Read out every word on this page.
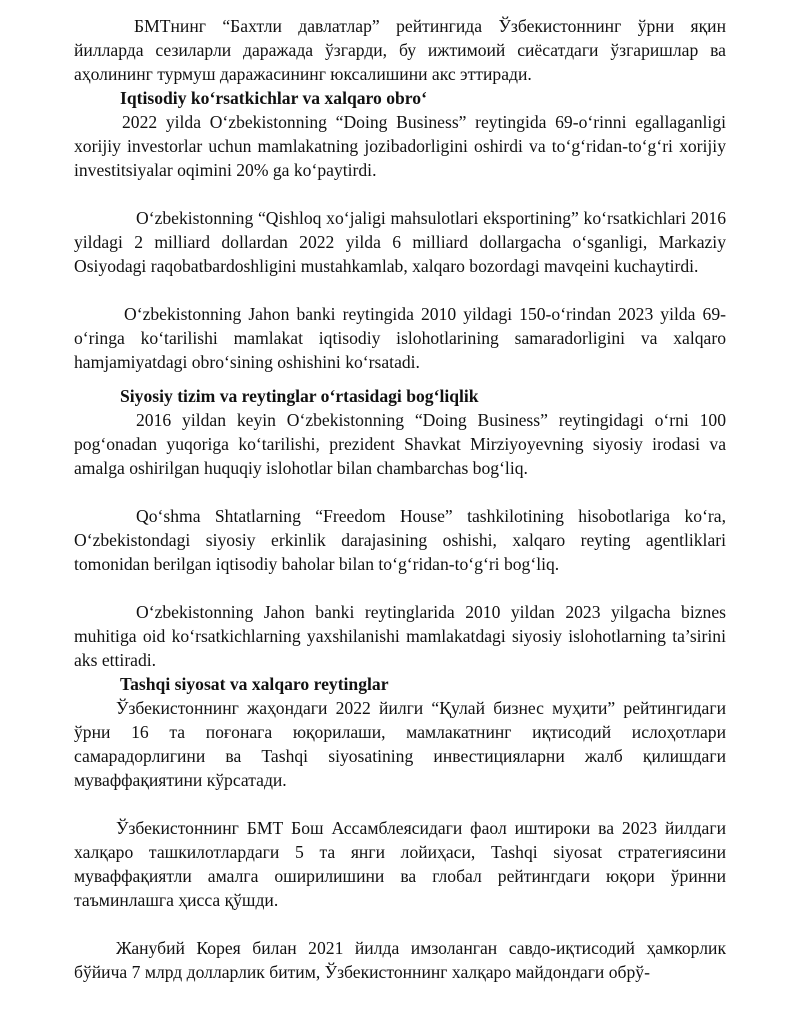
БМТнинг “Бахтли давлатлар” рейтингида Ўзбекистоннинг ўрни яқин йилларда сезиларли даражада ўзгарди, бу ижтимоий сиёсатдаги ўзгаришлар ва аҳолининг турмуш даражасининг юксалишини акс эттиради.

Iqtisodiy ko‘rsatkichlar va xalqaro obro‘

2022 yilda O‘zbekistonning “Doing Business” reytingida 69-o‘rinni egallaganligi xorijiy investorlar uchun mamlakatning jozibadorligini oshirdi va to‘g‘ridan-to‘g‘ri xorijiy investitsiyalar oqimini 20% ga ko‘paytirdi.

O‘zbekistonning “Qishloq xo‘jaligi mahsulotlari eksportining” ko‘rsatkichlari 2016 yildagi 2 milliard dollardan 2022 yilda 6 milliard dollargacha o‘sganligi, Markaziy Osiyodagi raqobatbardoshligini mustahkamlab, xalqaro bozordagi mavqeini kuchaytirdi.

O‘zbekistonning Jahon banki reytingida 2010 yildagi 150-o‘rindan 2023 yilda 69-o‘ringa ko‘tarilishi mamlakat iqtisodiy islohotlarining samaradorligini va xalqaro hamjamiyatdagi obro‘sining oshishini ko‘rsatadi.

Siyosiy tizim va reytinglar o‘rtasidagi bog‘liqlik

2016 yildan keyin O‘zbekistonning “Doing Business” reytingidagi o‘rni 100 pog‘onadan yuqoriga ko‘tarilishi, prezident Shavkat Mirziyoyevning siyosiy irodasi va amalga oshirilgan huquqiy islohotlar bilan chambarchas bog‘liq.

Qo‘shma Shtatlarning “Freedom House” tashkilotining hisobotlariga ko‘ra, O‘zbekistondagi siyosiy erkinlik darajasining oshishi, xalqaro reyting agentliklari tomonidan berilgan iqtisodiy baholar bilan to‘g‘ridan-to‘g‘ri bog‘liq.

O‘zbekistonning Jahon banki reytinglarida 2010 yildan 2023 yilgacha biznes muhitiga oid ko‘rsatkichlarning yaxshilanishi mamlakatdagi siyosiy islohotlarning ta’sirini aks ettiradi.

Tashqi siyosat va xalqaro reytinglar

Ўзбекистоннинг жаҳондаги 2022 йилги “Қулай бизнес муҳити” рейтингидаги ўрни 16 та поғонага юқорилаши, мамлакатнинг иқтисодий ислоҳотлари самарадорлигини ва Tashqi siyosatining инвестицияларни жалб қилишдаги муваффақиятини кўрсатади.

Ўзбекистоннинг БМТ Бош Ассамблеясидаги фаол иштироки ва 2023 йилдаги халқаро ташкилотлардаги 5 та янги лойиҳаси, Tashqi siyosat стратегиясини муваффақиятли амалга оширилишини ва глобал рейтингдаги юқори ўринни таъминлашга ҳисса қўшди.

Жанубий Корея билан 2021 йилда имзоланган савдо-иқтисодий ҳамкорлик бўйича 7 млрд долларлик битим, Ўзбекистоннинг халқаро майдондаги обрў-
